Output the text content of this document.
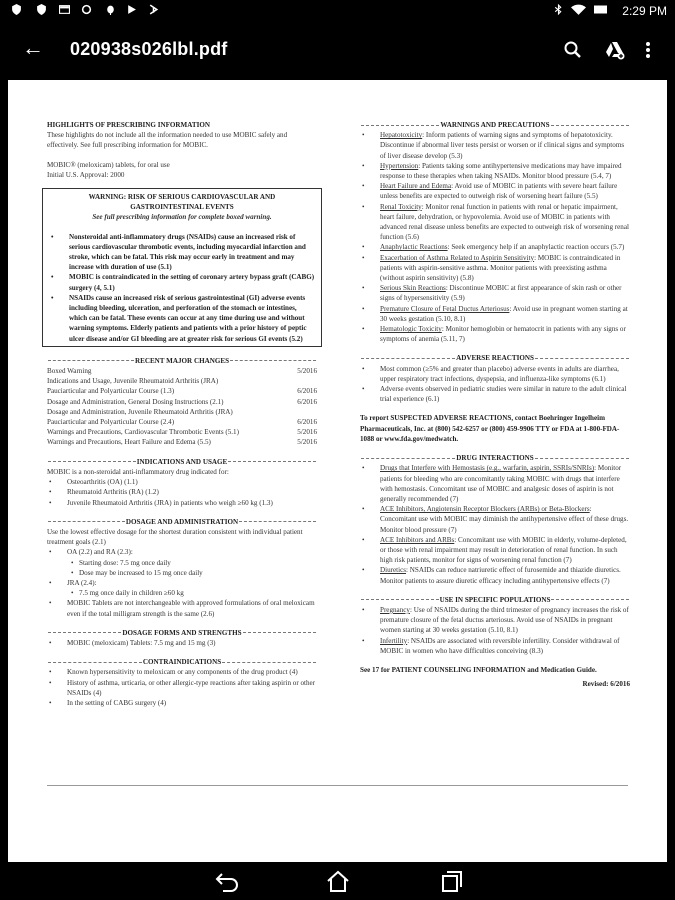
2:29 PM
← 020938s026lbl.pdf
HIGHLIGHTS OF PRESCRIBING INFORMATION
These highlights do not include all the information needed to use MOBIC safely and effectively. See full prescribing information for MOBIC.
MOBIC® (meloxicam) tablets, for oral use
Initial U.S. Approval: 2000
WARNING: RISK OF SERIOUS CARDIOVASCULAR AND GASTROINTESTINAL EVENTS
See full prescribing information for complete boxed warning.
• Nonsteroidal anti-inflammatory drugs (NSAIDs) cause an increased risk of serious cardiovascular thrombotic events, including myocardial infarction and stroke, which can be fatal. This risk may occur early in treatment and may increase with duration of use (5.1)
• MOBIC is contraindicated in the setting of coronary artery bypass graft (CABG) surgery (4, 5.1)
• NSAIDs cause an increased risk of serious gastrointestinal (GI) adverse events including bleeding, ulceration, and perforation of the stomach or intestines, which can be fatal. These events can occur at any time during use and without warning symptoms. Elderly patients and patients with a prior history of peptic ulcer disease and/or GI bleeding are at greater risk for serious GI events (5.2)
RECENT MAJOR CHANGES
Boxed Warning	5/2016
Indications and Usage, Juvenile Rheumatoid Arthritis (JRA)
Pauciarticular and Polyarticular Course (1.3)	6/2016
Dosage and Administration, General Dosing Instructions (2.1)	6/2016
Dosage and Administration, Juvenile Rheumatoid Arthritis (JRA)
Pauciarticular and Polyarticular Course (2.4)	6/2016
Warnings and Precautions, Cardiovascular Thrombotic Events (5.1)	5/2016
Warnings and Precautions, Heart Failure and Edema (5.5)	5/2016
INDICATIONS AND USAGE
MOBIC is a non-steroidal anti-inflammatory drug indicated for:
• Osteoarthritis (OA) (1.1)
• Rheumatoid Arthritis (RA) (1.2)
• Juvenile Rheumatoid Arthritis (JRA) in patients who weigh ≥60 kg (1.3)
DOSAGE AND ADMINISTRATION
Use the lowest effective dosage for the shortest duration consistent with individual patient treatment goals (2.1)
• OA (2.2) and RA (2.3):
• Starting dose: 7.5 mg once daily
• Dose may be increased to 15 mg once daily
• JRA (2.4):
• 7.5 mg once daily in children ≥60 kg
• MOBIC Tablets are not interchangeable with approved formulations of oral meloxicam even if the total milligram strength is the same (2.6)
DOSAGE FORMS AND STRENGTHS
• MOBIC (meloxicam) Tablets: 7.5 mg and 15 mg (3)
CONTRAINDICATIONS
• Known hypersensitivity to meloxicam or any components of the drug product (4)
• History of asthma, urticaria, or other allergic-type reactions after taking aspirin or other NSAIDs (4)
• In the setting of CABG surgery (4)
WARNINGS AND PRECAUTIONS
• Hepatotoxicity: Inform patients of warning signs and symptoms of hepatotoxicity. Discontinue if abnormal liver tests persist or worsen or if clinical signs and symptoms of liver disease develop (5.3)
• Hypertension: Patients taking some antihypertensive medications may have impaired response to these therapies when taking NSAIDs. Monitor blood pressure (5.4, 7)
• Heart Failure and Edema: Avoid use of MOBIC in patients with severe heart failure unless benefits are expected to outweigh risk of worsening heart failure (5.5)
• Renal Toxicity: Monitor renal function in patients with renal or hepatic impairment, heart failure, dehydration, or hypovolemia. Avoid use of MOBIC in patients with advanced renal disease unless benefits are expected to outweigh risk of worsening renal function (5.6)
• Anaphylactic Reactions: Seek emergency help if an anaphylactic reaction occurs (5.7)
• Exacerbation of Asthma Related to Aspirin Sensitivity: MOBIC is contraindicated in patients with aspirin-sensitive asthma. Monitor patients with preexisting asthma (without aspirin sensitivity) (5.8)
• Serious Skin Reactions: Discontinue MOBIC at first appearance of skin rash or other signs of hypersensitivity (5.9)
• Premature Closure of Fetal Ductus Arteriosus: Avoid use in pregnant women starting at 30 weeks gestation (5.10, 8.1)
• Hematologic Toxicity: Monitor hemoglobin or hematocrit in patients with any signs or symptoms of anemia (5.11, 7)
ADVERSE REACTIONS
• Most common (≥5% and greater than placebo) adverse events in adults are diarrhea, upper respiratory tract infections, dyspepsia, and influenza-like symptoms (6.1)
• Adverse events observed in pediatric studies were similar in nature to the adult clinical trial experience (6.1)
To report SUSPECTED ADVERSE REACTIONS, contact Boehringer Ingelheim Pharmaceuticals, Inc. at (800) 542-6257 or (800) 459-9906 TTY or FDA at 1-800-FDA-1088 or www.fda.gov/medwatch.
DRUG INTERACTIONS
• Drugs that Interfere with Hemostasis (e.g., warfarin, aspirin, SSRIs/SNRIs): Monitor patients for bleeding who are concomitantly taking MOBIC with drugs that interfere with hemostasis. Concomitant use of MOBIC and analgesic doses of aspirin is not generally recommended (7)
• ACE Inhibitors, Angiotensin Receptor Blockers (ARBs) or Beta-Blockers: Concomitant use with MOBIC may diminish the antihypertensive effect of these drugs. Monitor blood pressure (7)
• ACE Inhibitors and ARBs: Concomitant use with MOBIC in elderly, volume-depleted, or those with renal impairment may result in deterioration of renal function. In such high risk patients, monitor for signs of worsening renal function (7)
• Diuretics: NSAIDs can reduce natriuretic effect of furosemide and thiazide diuretics. Monitor patients to assure diuretic efficacy including antihypertensive effects (7)
USE IN SPECIFIC POPULATIONS
• Pregnancy: Use of NSAIDs during the third trimester of pregnancy increases the risk of premature closure of the fetal ductus arteriosus. Avoid use of NSAIDs in pregnant women starting at 30 weeks gestation (5.10, 8.1)
• Infertility: NSAIDs are associated with reversible infertility. Consider withdrawal of MOBIC in women who have difficulties conceiving (8.3)
See 17 for PATIENT COUNSELING INFORMATION and Medication Guide.
Revised: 6/2016
